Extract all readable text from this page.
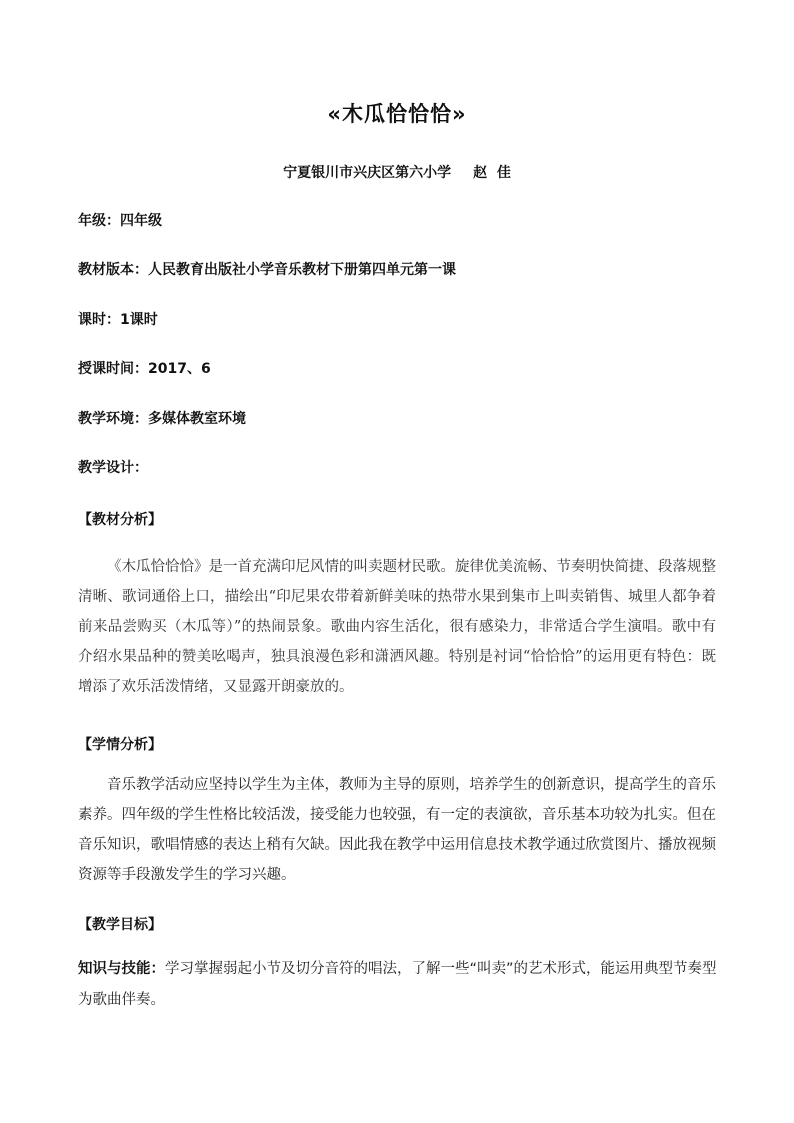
«木瓜恰恰恰»
宁夏银川市兴庆区第六小学 赵  佳
年级：四年级
教材版本：人民教育出版社小学音乐教材下册第四单元第一课
课时：1课时
授课时间：2017、6
教学环境：多媒体教室环境
教学设计：
【教材分析】
《木瓜恰恰恰》是一首充满印尼风情的叫卖题材民歌。旋律优美流畅、节奏明快简捷、段落规整清晰、歌词通俗上口，描绘出“印尼果农带着新鲜美味的热带水果到集市上叫卖销售、城里人都争着前来品尝购买（木瓜等）”的热闹景象。歌曲内容生活化，很有感染力，非常适合学生演唱。歌中有介绍水果品种的赞美吆喝声，独具浪漫色彩和潇洒风趣。特别是衬词“恰恰恰”的运用更有特色：既增添了欢乐活泼情绪，又显露开朗豪放的。
【学情分析】
音乐教学活动应坚持以学生为主体，教师为主导的原则，培养学生的创新意识，提高学生的音乐素养。四年级的学生性格比较活泼，接受能力也较强，有一定的表演欲，音乐基本功较为扎实。但在音乐知识，歌唱情感的表达上稍有欠缺。因此我在教学中运用信息技术教学通过欣赏图片、播放视频资源等手段激发学生的学习兴趣。
【教学目标】
知识与技能：学习掌握弱起小节及切分音符的唱法，了解一些“叫卖”的艺术形式，能运用典型节奏型为歌曲伴奏。
